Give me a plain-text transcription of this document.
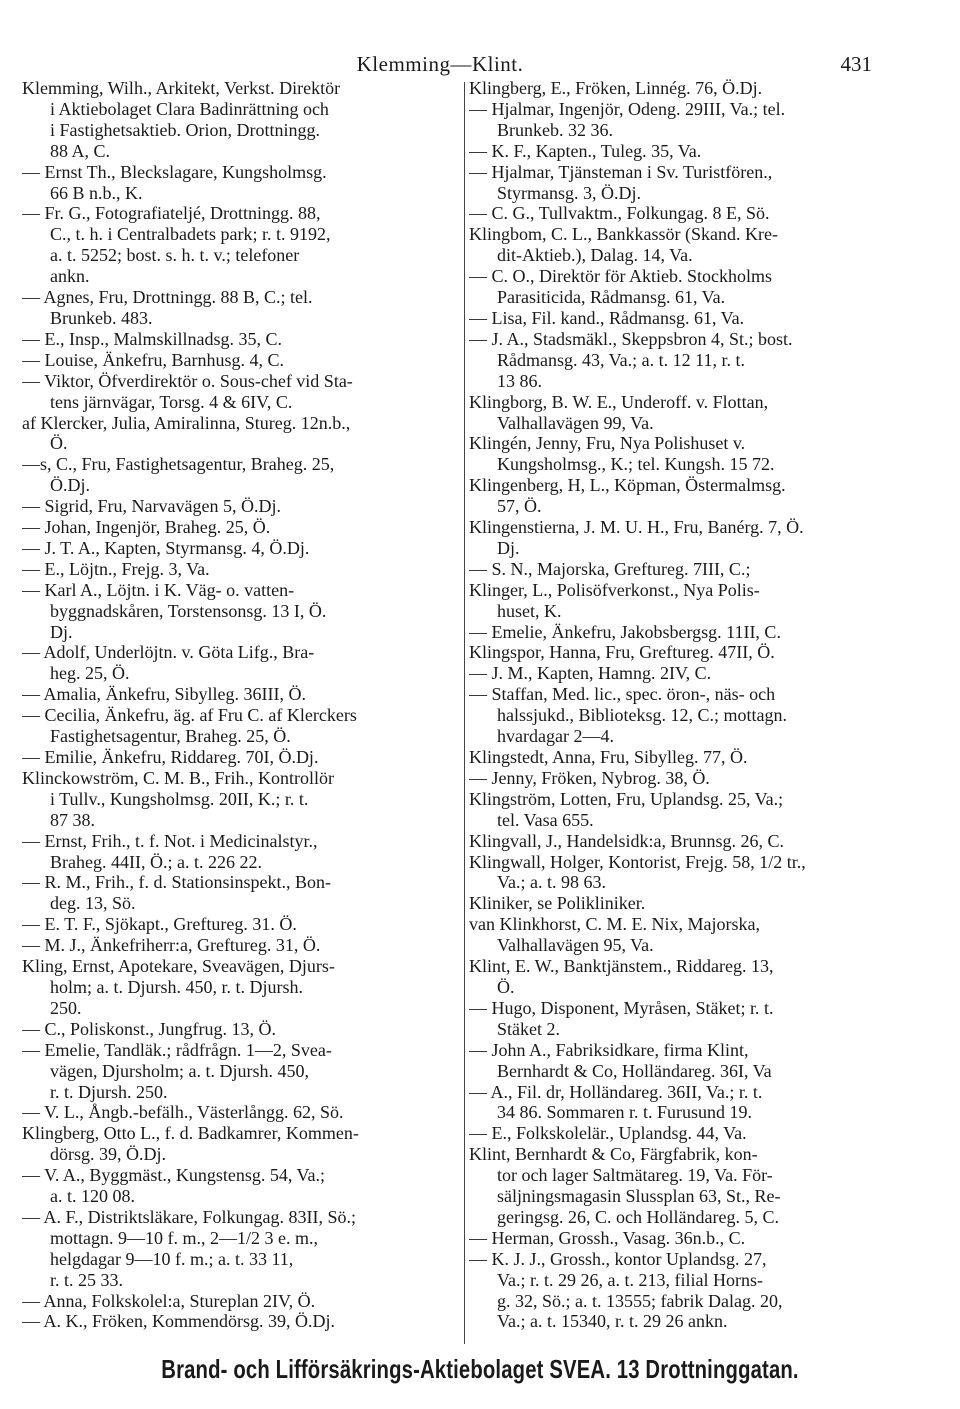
Klemming—Klint.	431
Klemming, Wilh., Arkitekt, Verkst. Direktör
i Aktiebolaget Clara Badinrättning och
i Fastighetsaktieb. Orion, Drottningg.
88 A, C.
— Ernst Th., Bleckslagare, Kungsholmsg.
66 B n.b., K.
— Fr. G., Fotografiatelјé, Drottningg. 88,
C., t. h. i Centralbadets park; r. t. 9192,
a. t. 5252; bost. s. h. t. v.; telefoner
ankn.
— Agnes, Fru, Drottningg. 88 B, C.; tel.
Brunkeb. 483.
— E., Insp., Malmskillnadsg. 35, C.
— Louise, Änkefru, Barnhusg. 4, C.
— Viktor, Öfverdirektör o. Sous-chef vid Sta-
tens järnvägar, Torsg. 4 & 6IV, C.
af Klercker, Julia, Amiralinna, Stureg. 12n.b.,
Ö.
—s, C., Fru, Fastighetsagentur, Braheg. 25,
Ö.Dj.
— Sigrid, Fru, Narvavägen 5, Ö.Dj.
— Johan, Ingenjör, Braheg. 25, Ö.
— J. T. A., Kapten, Styrmansg. 4, Ö.Dj.
— E., Löjtn., Frejg. 3, Va.
— Karl A., Löjtn. i K. Väg- o. vatten-
byggnadskåren, Torstensonsg. 13 I, Ö.
Dj.
— Adolf, Underlöjtn. v. Göta Lifg., Bra-
heg. 25, Ö.
— Amalia, Änkefru, Sibylleg. 36III, Ö.
— Cecilia, Änkefru, äg. af Fru C. af Klerckers
Fastighetsagentur, Braheg. 25, Ö.
— Emilie, Änkefru, Riddareg. 70I, Ö.Dj.
Klinckowström, C. M. B., Frih., Kontrollör
i Tullv., Kungsholmsg. 20II, K.; r. t.
87 38.
— Ernst, Frih., t. f. Not. i Medicinalstyr.,
Braheg. 44II, Ö.; a. t. 226 22.
— R. M., Frih., f. d. Stationsinspekt., Bon-
deg. 13, Sö.
— E. T. F., Sjökapt., Greftureg. 31. Ö.
— M. J., Änkefriherr:a, Greftureg. 31, Ö.
Kling, Ernst, Apotekare, Sveavägen, Djurs-
holm; a. t. Djursh. 450, r. t. Djursh.
250.
— C., Poliskonst., Jungfrug. 13, Ö.
— Emelie, Tandläk.; rådfrågn. 1—2, Svea-
vägen, Djursholm; a. t. Djursh. 450,
r. t. Djursh. 250.
— V. L., Ångb.-befälh., Västerlångg. 62, Sö.
Klingberg, Otto L., f. d. Badkamrer, Kommen-
dörsg. 39, Ö.Dj.
— V. A., Byggmäst., Kungstensg. 54, Va.;
a. t. 120 08.
— A. F., Distriktsläkare, Folkungag. 83II, Sö.;
mottagn. 9—10 f. m., 2—1/2 3 e. m.,
helgdagar 9—10 f. m.; a. t. 33 11,
r. t. 25 33.
— Anna, Folkskolel:a, Stureplan 2IV, Ö.
— A. K., Fröken, Kommendörsg. 39, Ö.Dj.
Klingberg, E., Fröken, Linnég. 76, Ö.Dj.
— Hjalmar, Ingenjör, Odeng. 29III, Va.; tel.
Brunkeb. 32 36.
— K. F., Kapten., Tuleg. 35, Va.
— Hjalmar, Tjänsteman i Sv. Turistfören.,
Styrmansg. 3, Ö.Dj.
— C. G., Tullvaktm., Folkungag. 8 E, Sö.
Klingbom, C. L., Bankkassör (Skand. Kre-
dit-Aktieb.), Dalag. 14, Va.
— C. O., Direktör för Aktieb. Stockholms
Parasiticida, Rådmansg. 61, Va.
— Lisa, Fil. kand., Rådmansg. 61, Va.
— J. A., Stadsmäkl., Skeppsbron 4, St.; bost.
Rådmansg. 43, Va.; a. t. 12 11, r. t.
13 86.
Klingborg, B. W. E., Underoff. v. Flottan,
Valhallavägen 99, Va.
Klingén, Jenny, Fru, Nya Polishuset v.
Kungsholmsg., K.; tel. Kungsh. 15 72.
Klingenberg, H, L., Köpman, Östermalmsg.
57, Ö.
Klingenstierna, J. M. U. H., Fru, Banérg. 7, Ö.
Dj.
— S. N., Majorska, Greftureg. 7III, C.;
Klinger, L., Polisöfverkonst., Nya Polis-
huset, K.
— Emelie, Änkefru, Jakobsbergsg. 11II, C.
Klingspor, Hanna, Fru, Greftureg. 47II, Ö.
— J. M., Kapten, Hamng. 2IV, C.
— Staffan, Med. lic., spec. öron-, näs- och
halssjukd., Biblioteksg. 12, C.; mottagn.
hvardagar 2—4.
Klingstedt, Anna, Fru, Sibylleg. 77, Ö.
— Jenny, Fröken, Nybrog. 38, Ö.
Klingström, Lotten, Fru, Uplandsg. 25, Va.;
tel. Vasa 655.
Klingvall, J., Handelsidk:a, Brunnsg. 26, C.
Klingwall, Holger, Kontorist, Frejg. 58, 1/2 tr.,
Va.; a. t. 98 63.
Kliniker, se Polikliniker.
van Klinkhorst, C. M. E. Nix, Majorska,
Valhallavägen 95, Va.
Klint, E. W., Banktjänstem., Riddareg. 13,
Ö.
— Hugo, Disponent, Myråsen, Stäket; r. t.
Stäket 2.
— John A., Fabriksidkare, firma Klint,
Bernhardt & Co, Holländareg. 36I, Va
— A., Fil. dr, Holländareg. 36II, Va.; r. t.
34 86. Sommaren r. t. Furusund 19.
— E., Folkskolelär., Uplandsg. 44, Va.
Klint, Bernhardt & Co, Färgfabrik, kon-
tor och lager Saltmätareg. 19, Va. För-
säljningsmagasin Slussplan 63, St., Re-
geringsg. 26, C. och Holländareg. 5, C.
— Herman, Grossh., Vasag. 36n.b., C.
— K. J. J., Grossh., kontor Uplandsg. 27,
Va.; r. t. 29 26, a. t. 213, filial Horns-
g. 32, Sö.; a. t. 13555; fabrik Dalag. 20,
Va.; a. t. 15340, r. t. 29 26 ankn.
Brand- och Lifförsäkrings-Aktiebolaget SVEA. 13 Drottninggatan.
